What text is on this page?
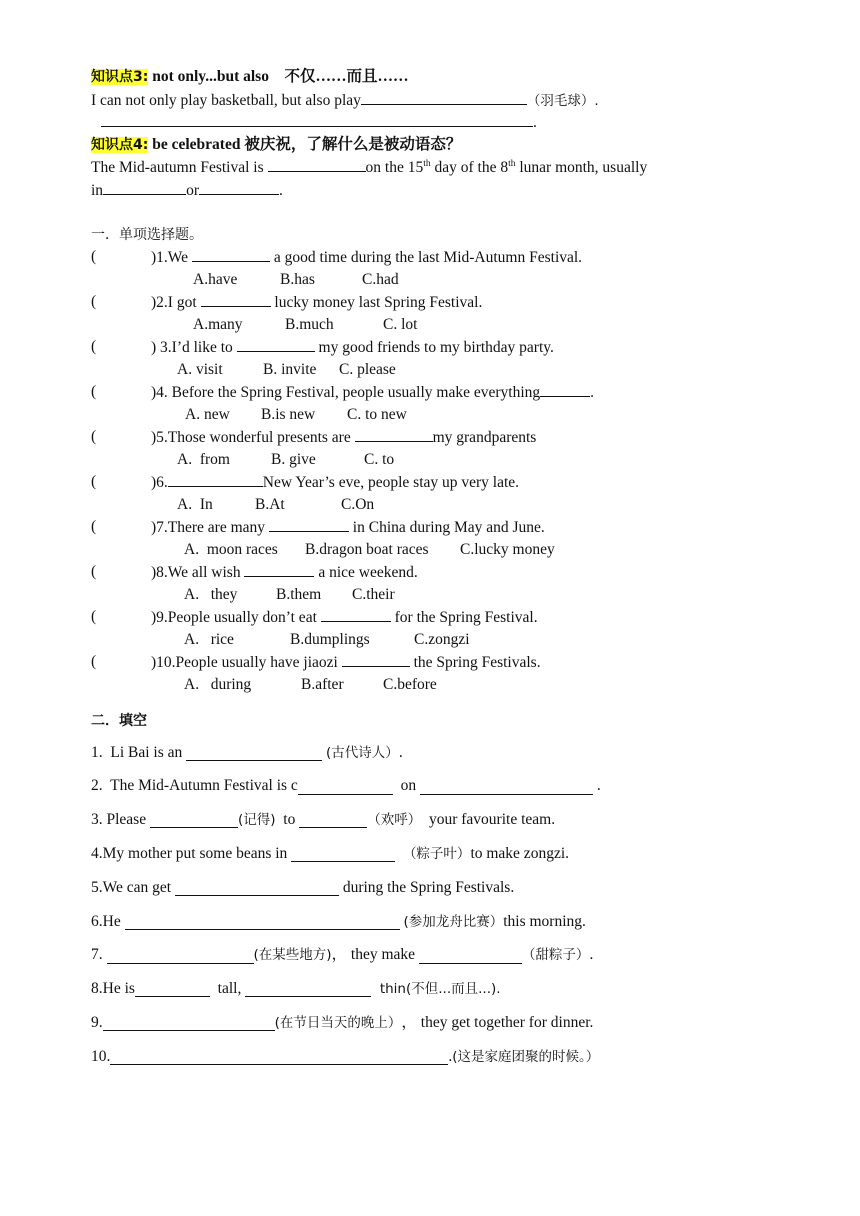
知识点3: not only...but also　不仅……而且……
I can not only play basketball, but also play	（羽毛球）.
.
知识点4: be celebrated 被庆祝，了解什么是被动语态？
The Mid-autumn Festival is	on the 15th day of the 8th lunar month, usually
in	or	.
一．单项选择题。
(	)1.We	a good time during the last Mid-Autumn Festival.
A.have	B.has	C.had
(	)2.I got	lucky money last Spring Festival.
A.many	B.much	C. lot
(	) 3.I’d like to	my good friends to my birthday party.
A. visit	B. invite C. please
(	)4. Before the Spring Festival, people usually make everything	.
A. new B.is new C. to new
(	)5.Those wonderful presents are	my grandparents
A.  from	B. give	C. to
(	)6.	New Year’s eve, people stay up very late.
A.  In	B.At	C.On
(	)7.There are many	in China during May and June.
A.  moon races B.dragon boat races C.lucky money
(	)8.We all wish	a nice weekend.
A.   they B.them C.their
(	)9.People usually don’t eat	for the Spring Festival.
A.   rice	B.dumplings	C.zongzi
(	)10.People usually have jiaozi	the Spring Festivals.
A.   during	B.after	C.before
二．填空
1.  Li Bai is an
	(古代诗人） .
2.  The Mid-Autumn Festival is c	on	.
3. Please	(记得) to	（欢呼） your favourite team.
4.My mother put some beans in
	（粽子叶） to make zongzi.
5.We can get	during the Spring Festivals.
6.He
	(参加龙舟比赛） this morning.
7.	(在某些地方) ， they make	（甜粽子） .
8.He is	tall,	thin(不但...而且...).
9.	(在节日当天的晚上） ， they get together for dinner.
10.	. (这是家庭团聚的时候。）
